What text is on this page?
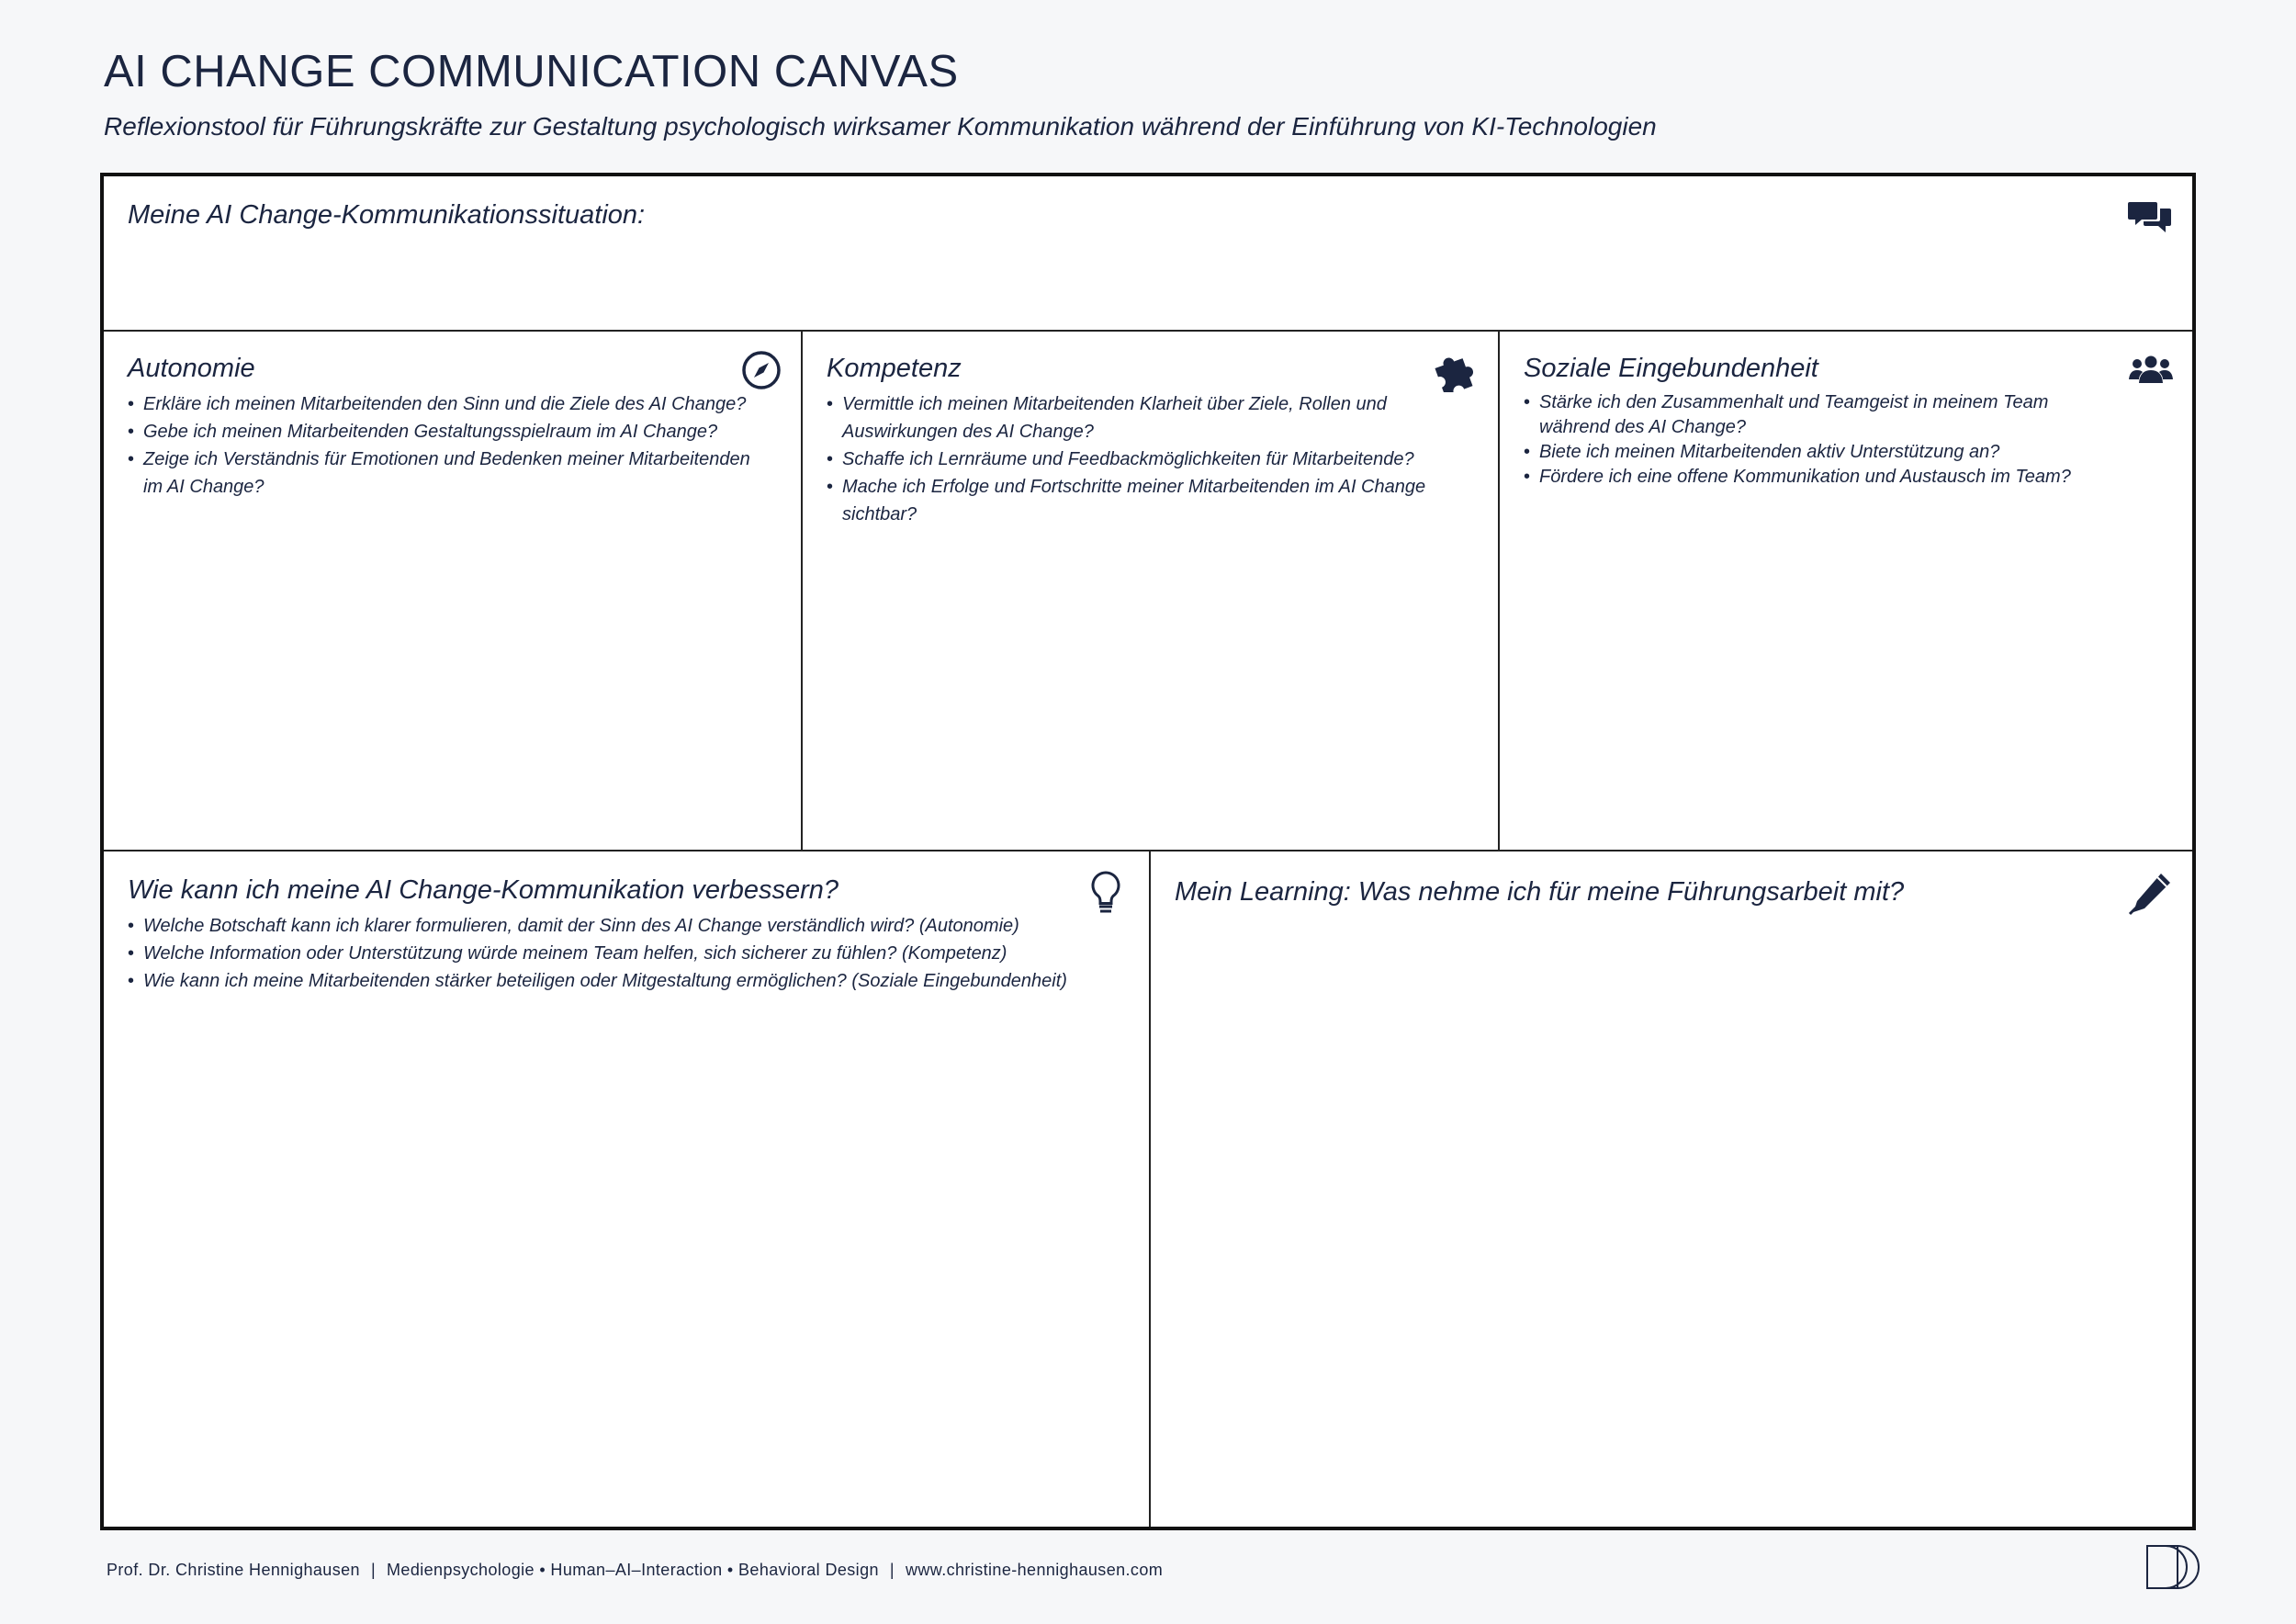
AI CHANGE COMMUNICATION CANVAS
Reflexionstool für Führungskräfte zur Gestaltung psychologisch wirksamer Kommunikation während der Einführung von KI-Technologien
Meine AI Change-Kommunikationssituation:
Autonomie
• Erkläre ich meinen Mitarbeitenden den Sinn und die Ziele des AI Change?
• Gebe ich meinen Mitarbeitenden Gestaltungsspielraum im AI Change?
• Zeige ich Verständnis für Emotionen und Bedenken meiner Mitarbeitenden im AI Change?
Kompetenz
• Vermittle ich meinen Mitarbeitenden Klarheit über Ziele, Rollen und Auswirkungen des AI Change?
• Schaffe ich Lernräume und Feedbackmöglichkeiten für Mitarbeitende?
• Mache ich Erfolge und Fortschritte meiner Mitarbeitenden im AI Change sichtbar?
Soziale Eingebundenheit
• Stärke ich den Zusammenhalt und Teamgeist in meinem Team während des AI Change?
• Biete ich meinen Mitarbeitenden aktiv Unterstützung an?
• Fördere ich eine offene Kommunikation und Austausch im Team?
Wie kann ich meine AI Change-Kommunikation verbessern?
• Welche Botschaft kann ich klarer formulieren, damit der Sinn des AI Change verständlich wird? (Autonomie)
• Welche Information oder Unterstützung würde meinem Team helfen, sich sicherer zu fühlen? (Kompetenz)
• Wie kann ich meine Mitarbeitenden stärker beteiligen oder Mitgestaltung ermöglichen? (Soziale Eingebundenheit)
Mein Learning: Was nehme ich für meine Führungsarbeit mit?
Prof. Dr. Christine Hennighausen | Medienpsychologie • Human–AI–Interaction • Behavioral Design | www.christine-hennighausen.com
